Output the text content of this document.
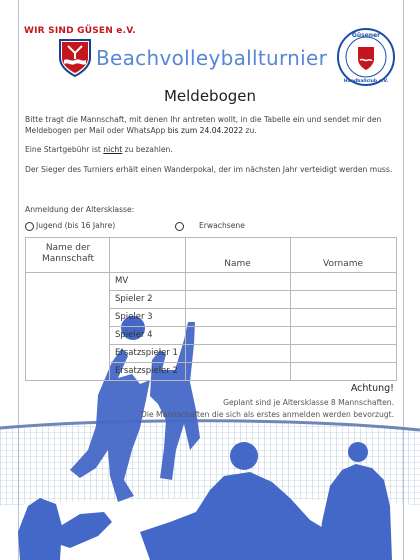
WIR SIND GÜSEN e.V.
Beachvolleyballturnier
Güsener
Handballclub e.V.
Meldebogen
Bitte tragt die Mannschaft, mit denen Ihr antreten wollt, in die Tabelle ein und sendet mir den Meldebogen per Mail oder WhatsApp bis zum 24.04.2022 zu.
Eine Startgebühr ist nicht zu bezahlen.
Der Sieger des Turniers erhält einen Wanderpokal, der im nächsten Jahr verteidigt werden muss.
Anmeldung der Altersklasse:
Jugend (bis 16 Jahre)	Erwachsene
Name der Mannschaft	Name	Vorname
MV
Spieler 2
Spieler 3
Spieler 4
Ersatzspieler 1
Ersatzspieler 2
Achtung!
Geplant sind je Altersklasse 8 Mannschaften.
Die Mannschaften die sich als erstes anmelden werden bevorzugt.
